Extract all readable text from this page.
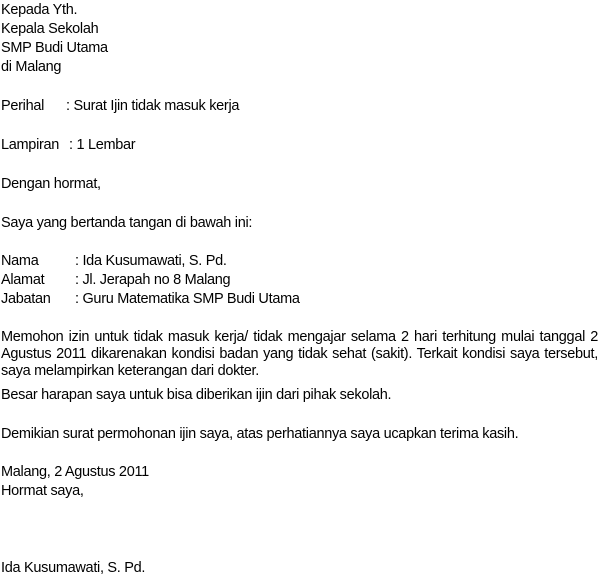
Kepada Yth.
Kepala Sekolah
SMP Budi Utama
di Malang
Perihal : Surat Ijin tidak masuk kerja
Lampiran : 1 Lembar
Dengan hormat,
Saya yang bertanda tangan di bawah ini:
Nama	: Ida Kusumawati, S. Pd.
Alamat : Jl. Jerapah no 8 Malang
Jabatan : Guru Matematika SMP Budi Utama
Memohon izin untuk tidak masuk kerja/ tidak mengajar selama 2 hari terhitung mulai tanggal 2 Agustus 2011 dikarenakan kondisi badan yang tidak sehat (sakit). Terkait kondisi saya tersebut, saya melampirkan keterangan dari dokter.
Besar harapan saya untuk bisa diberikan ijin dari pihak sekolah.
Demikian surat permohonan ijin saya, atas perhatiannya saya ucapkan terima kasih.
Malang, 2 Agustus 2011
Hormat saya,
Ida Kusumawati, S. Pd.
